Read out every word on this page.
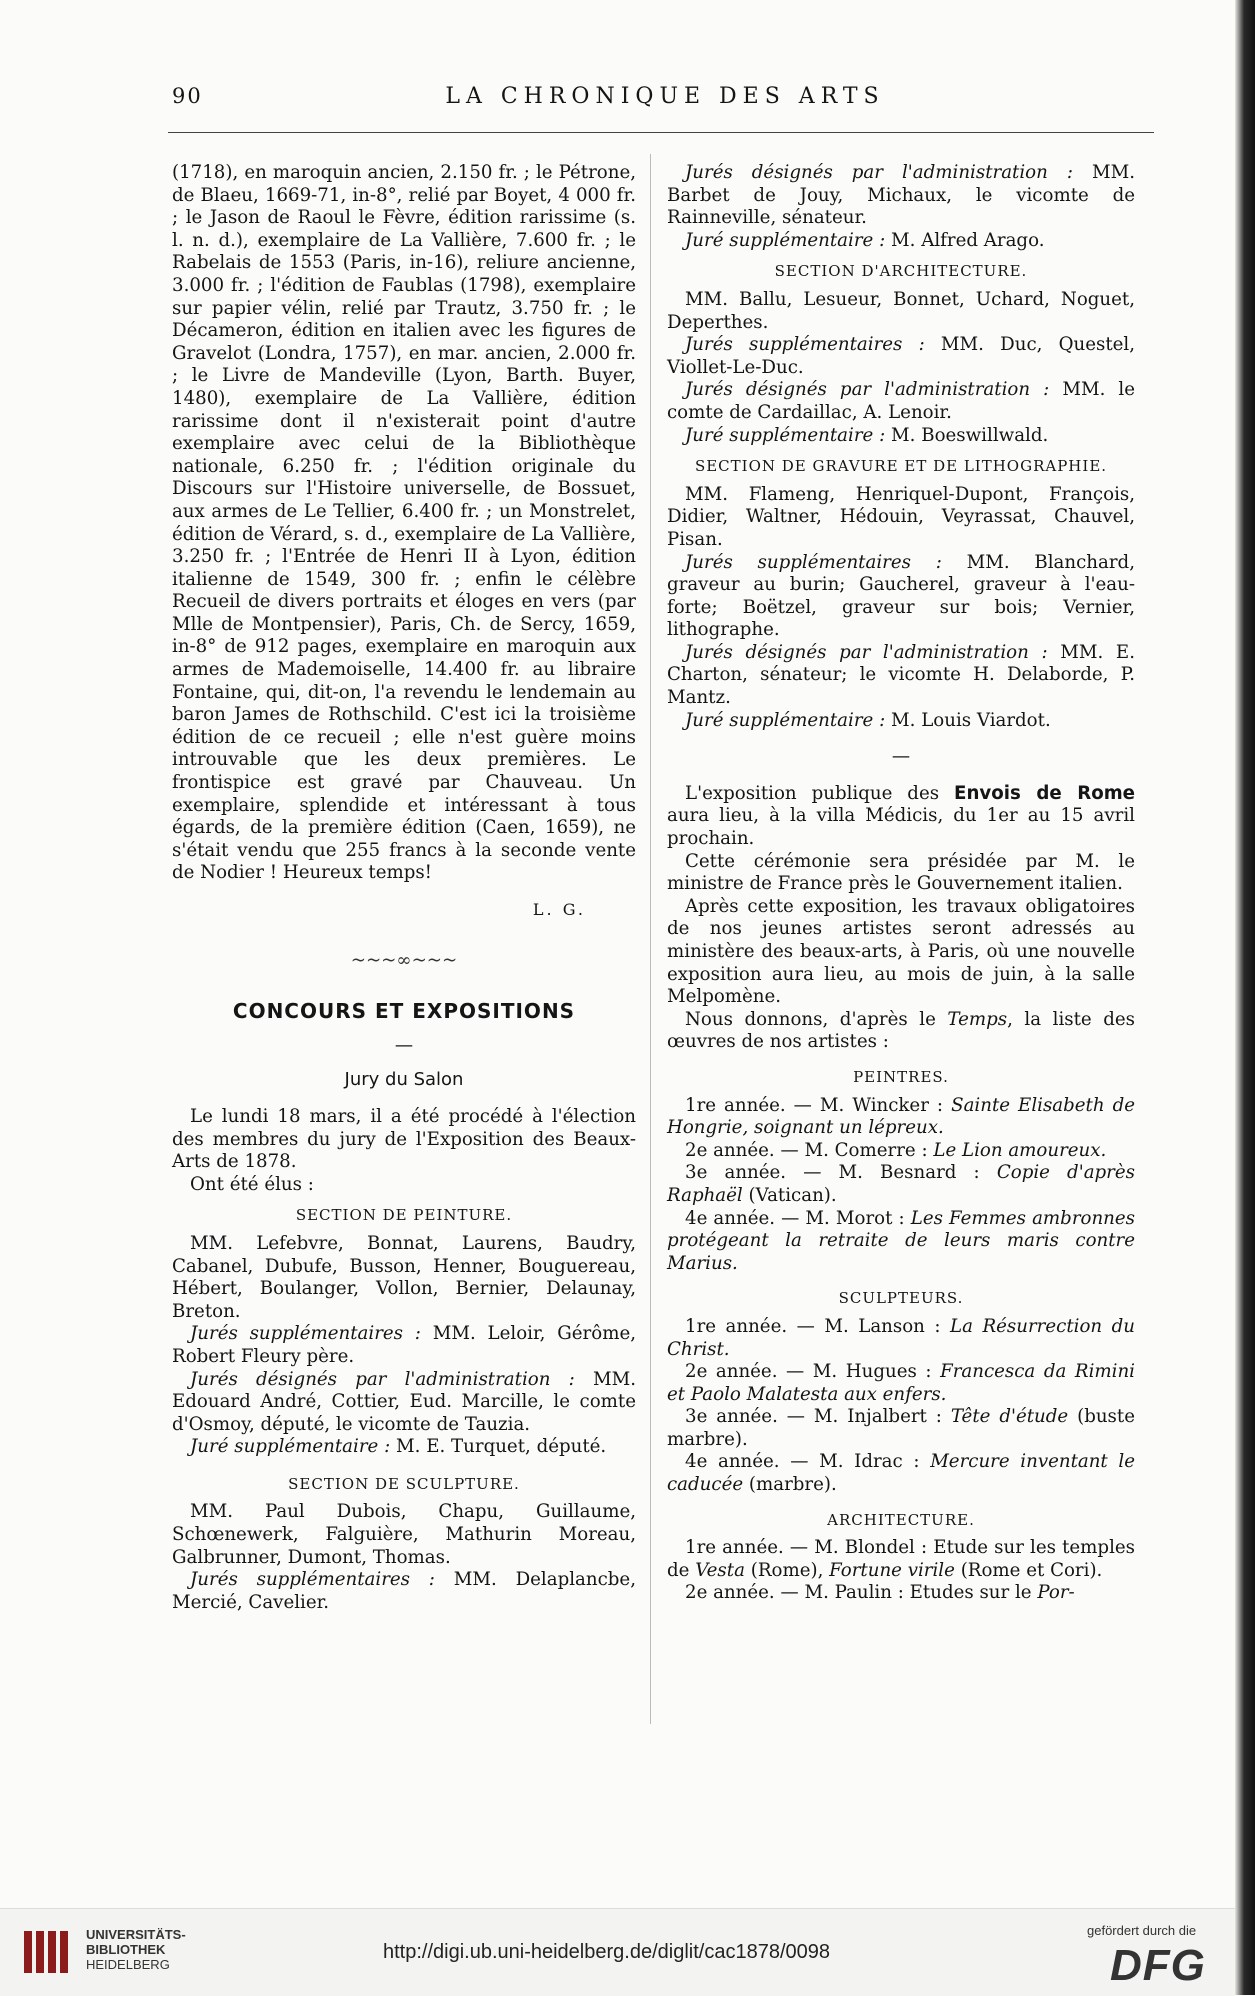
90	LA CHRONIQUE DES ARTS

(1718), en maroquin ancien, 2.150 fr. ; le Pétrone, de Blaeu, 1669-71, in-8°, relié par Boyet, 4 000 fr. ; le Jason de Raoul le Fèvre, édition rarissime (s. l. n. d.), exemplaire de La Vallière, 7.600 fr. ; le Rabelais de 1553 (Paris, in-16), reliure ancienne, 3.000 fr. ; l'édition de Faublas (1798), exemplaire sur papier vélin, relié par Trautz, 3.750 fr. ; le Décameron, édition en italien avec les figures de Gravelot (Londra, 1757), en mar. ancien, 2.000 fr. ; le Livre de Mandeville (Lyon, Barth. Buyer, 1480), exemplaire de La Vallière, édition rarissime dont il n'existerait point d'autre exemplaire avec celui de la Bibliothèque nationale, 6.250 fr. ; l'édition originale du Discours sur l'Histoire universelle, de Bossuet, aux armes de Le Tellier, 6.400 fr. ; un Monstrelet, édition de Vérard, s. d., exemplaire de La Vallière, 3.250 fr. ; l'Entrée de Henri II à Lyon, édition italienne de 1549, 300 fr. ; enfin le célèbre Recueil de divers portraits et éloges en vers (par Mlle de Montpensier), Paris, Ch. de Sercy, 1659, in-8° de 912 pages, exemplaire en maroquin aux armes de Mademoiselle, 14.400 fr. au libraire Fontaine, qui, dit-on, l'a revendu le lendemain au baron James de Rothschild. C'est ici la troisième édition de ce recueil ; elle n'est guère moins introuvable que les deux premières. Le frontispice est gravé par Chauveau. Un exemplaire, splendide et intéressant à tous égards, de la première édition (Caen, 1659), ne s'était vendu que 255 francs à la seconde vente de Nodier ! Heureux temps!

L. G.
~~~∞~~~
CONCOURS ET EXPOSITIONS
—
Jury du Salon

Le lundi 18 mars, il a été procédé à l'élection des membres du jury de l'Exposition des Beaux-Arts de 1878.

Ont été élus :

SECTION DE PEINTURE.

MM. Lefebvre, Bonnat, Laurens, Baudry, Cabanel, Dubufe, Busson, Henner, Bouguereau, Hébert, Boulanger, Vollon, Bernier, Delaunay, Breton.

Jurés supplémentaires : MM. Leloir, Gérôme, Robert Fleury père.

Jurés désignés par l'administration : MM. Edouard André, Cottier, Eud. Marcille, le comte d'Osmoy, député, le vicomte de Tauzia.

Juré supplémentaire : M. E. Turquet, député.

SECTION DE SCULPTURE.

MM. Paul Dubois, Chapu, Guillaume, Schœnewerk, Falguière, Mathurin Moreau, Galbrunner, Dumont, Thomas.

Jurés supplémentaires : MM. Delaplancbe, Mercié, Cavelier.

Jurés désignés par l'administration : MM. Barbet de Jouy, Michaux, le vicomte de Rainneville, sénateur.

Juré supplémentaire : M. Alfred Arago.

SECTION D'ARCHITECTURE.

MM. Ballu, Lesueur, Bonnet, Uchard, Noguet, Deperthes.

Jurés supplémentaires : MM. Duc, Questel, Viollet-Le-Duc.

Jurés désignés par l'administration : MM. le comte de Cardaillac, A. Lenoir.

Juré supplémentaire : M. Boeswillwald.

SECTION DE GRAVURE ET DE LITHOGRAPHIE.

MM. Flameng, Henriquel-Dupont, François, Didier, Waltner, Hédouin, Veyrassat, Chauvel, Pisan.

Jurés supplémentaires : MM. Blanchard, graveur au burin; Gaucherel, graveur à l'eau-forte; Boëtzel, graveur sur bois; Vernier, lithographe.

Jurés désignés par l'administration : MM. E. Charton, sénateur; le vicomte H. Delaborde, P. Mantz.

Juré supplémentaire : M. Louis Viardot.

—

L'exposition publique des Envois de Rome aura lieu, à la villa Médicis, du 1er au 15 avril prochain.

Cette cérémonie sera présidée par M. le ministre de France près le Gouvernement italien.

Après cette exposition, les travaux obligatoires de nos jeunes artistes seront adressés au ministère des beaux-arts, à Paris, où une nouvelle exposition aura lieu, au mois de juin, à la salle Melpomène.

Nous donnons, d'après le Temps, la liste des œuvres de nos artistes :

PEINTRES.

1re année. — M. Wincker : Sainte Elisabeth de Hongrie, soignant un lépreux.

2e année. — M. Comerre : Le Lion amoureux.

3e année. — M. Besnard : Copie d'après Raphaël (Vatican).

4e année. — M. Morot : Les Femmes ambronnes protégeant la retraite de leurs maris contre Marius.

SCULPTEURS.

1re année. — M. Lanson : La Résurrection du Christ.

2e année. — M. Hugues : Francesca da Rimini et Paolo Malatesta aux enfers.

3e année. — M. Injalbert : Tête d'étude (buste marbre).

4e année. — M. Idrac : Mercure inventant le caducée (marbre).

ARCHITECTURE.

1re année. — M. Blondel : Etude sur les temples de Vesta (Rome), Fortune virile (Rome et Cori).

2e année. — M. Paulin : Etudes sur le Por-

UNIVERSITÄTS-
BIBLIOTHEK
HEIDELBERG
http://digi.ub.uni-heidelberg.de/diglit/cac1878/0098
gefördert durch die
DFG
